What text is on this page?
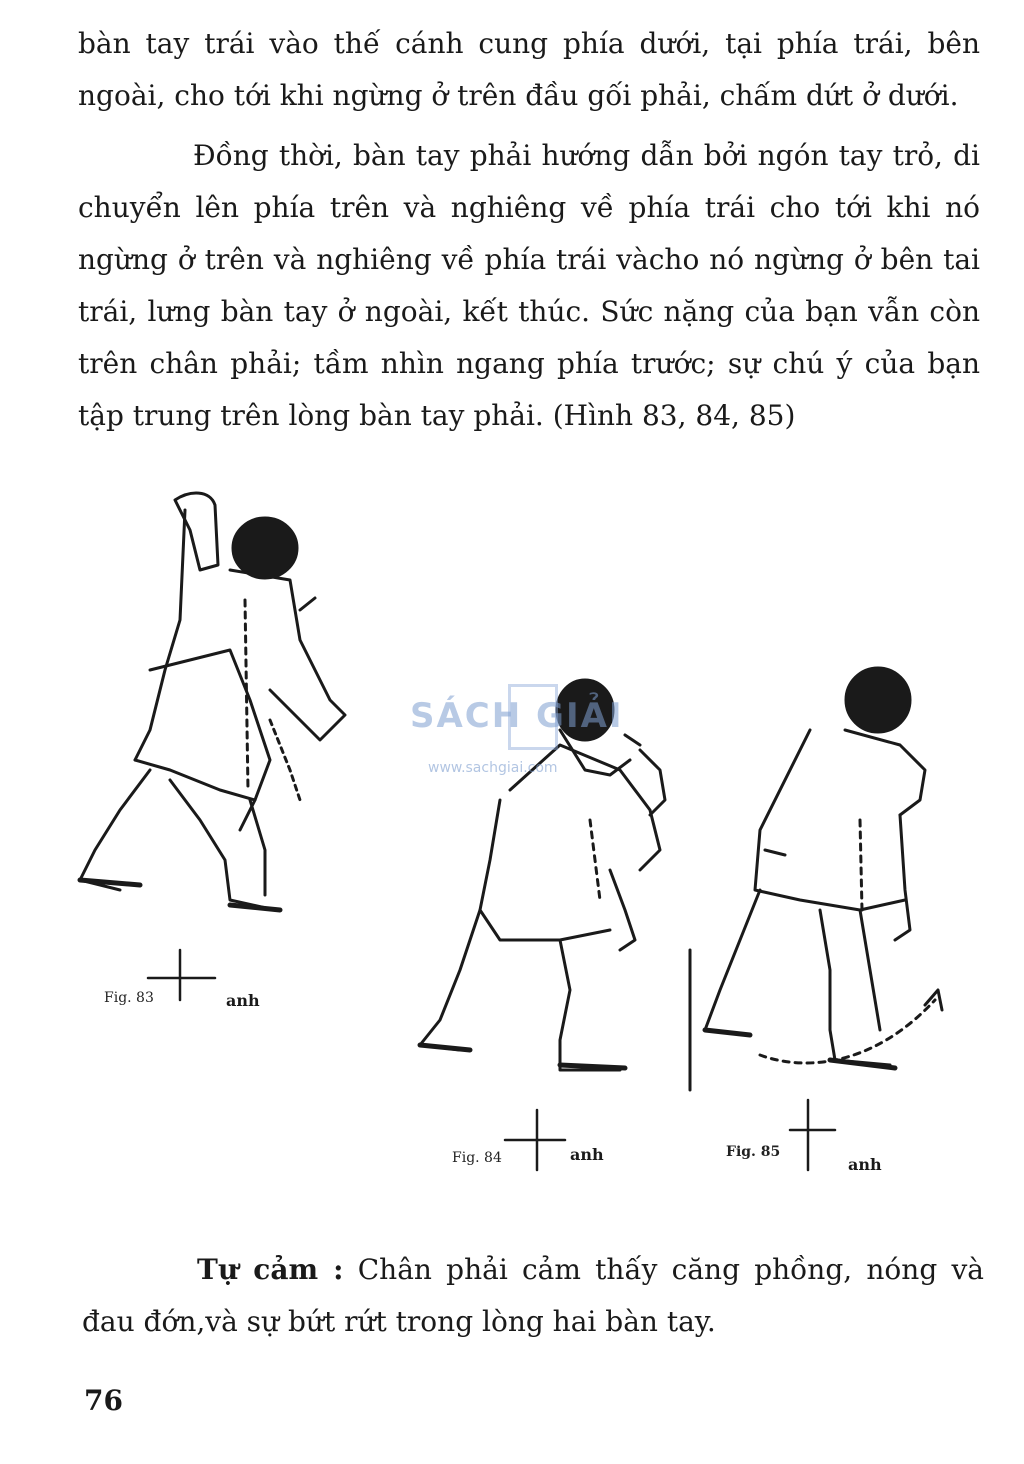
bàn tay trái vào thế cánh cung phía dưới, tại phía trái, bên ngoài, cho tới khi ngừng ở trên đầu gối phải, chấm dứt ở dưới.

Đồng thời, bàn tay phải hướng dẫn bởi ngón tay trỏ, di chuyển lên phía trên và nghiêng về phía trái cho tới khi nó ngừng ở trên và nghiêng về phía trái vàcho nó ngừng ở bên tai trái, lưng bàn tay ở ngoài, kết thúc. Sức nặng của bạn vẫn còn trên chân phải; tầm nhìn ngang phía trước; sự chú ý của bạn tập trung trên lòng bàn tay phải. (Hình 83, 84, 85)

anh
anh
anh
Fig. 83
Fig. 84	Fig. 85
SÁCH GIẢI
www.sachgiai.com

Tự cảm : Chân phải cảm thấy căng phồng, nóng và đau đớn,và sự bứt rứt trong lòng hai bàn tay.

76
